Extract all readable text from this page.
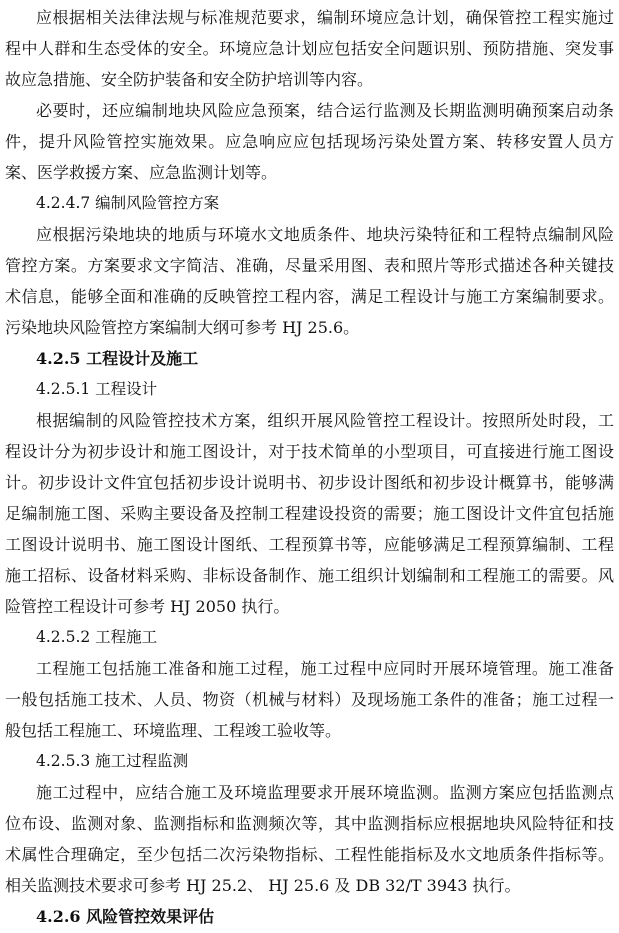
应根据相关法律法规与标准规范要求，编制环境应急计划，确保管控工程实施过
程中人群和生态受体的安全。环境应急计划应包括安全问题识别、预防措施、突发事
故应急措施、安全防护装备和安全防护培训等内容。
必要时，还应编制地块风险应急预案，结合运行监测及长期监测明确预案启动条
件，提升风险管控实施效果。应急响应应包括现场污染处置方案、转移安置人员方
案、医学救援方案、应急监测计划等。
4.2.4.7 编制风险管控方案
应根据污染地块的地质与环境水文地质条件、地块污染特征和工程特点编制风险
管控方案。方案要求文字简洁、准确，尽量采用图、表和照片等形式描述各种关键技
术信息，能够全面和准确的反映管控工程内容，满足工程设计与施工方案编制要求。
污染地块风险管控方案编制大纲可参考 HJ 25.6。
4.2.5 工程设计及施工
4.2.5.1 工程设计
根据编制的风险管控技术方案，组织开展风险管控工程设计。按照所处时段，工
程设计分为初步设计和施工图设计，对于技术简单的小型项目，可直接进行施工图设
计。初步设计文件宜包括初步设计说明书、初步设计图纸和初步设计概算书，能够满
足编制施工图、采购主要设备及控制工程建设投资的需要；施工图设计文件宜包括施
工图设计说明书、施工图设计图纸、工程预算书等，应能够满足工程预算编制、工程
施工招标、设备材料采购、非标设备制作、施工组织计划编制和工程施工的需要。风
险管控工程设计可参考 HJ 2050 执行。
4.2.5.2 工程施工
工程施工包括施工准备和施工过程，施工过程中应同时开展环境管理。施工准备
一般包括施工技术、人员、物资（机械与材料）及现场施工条件的准备；施工过程一
般包括工程施工、环境监理、工程竣工验收等。
4.2.5.3 施工过程监测
施工过程中，应结合施工及环境监理要求开展环境监测。监测方案应包括监测点
位布设、监测对象、监测指标和监测频次等，其中监测指标应根据地块风险特征和技
术属性合理确定，至少包括二次污染物指标、工程性能指标及水文地质条件指标等。
相关监测技术要求可参考 HJ 25.2、 HJ 25.6 及 DB 32/T 3943 执行。
4.2.6 风险管控效果评估
